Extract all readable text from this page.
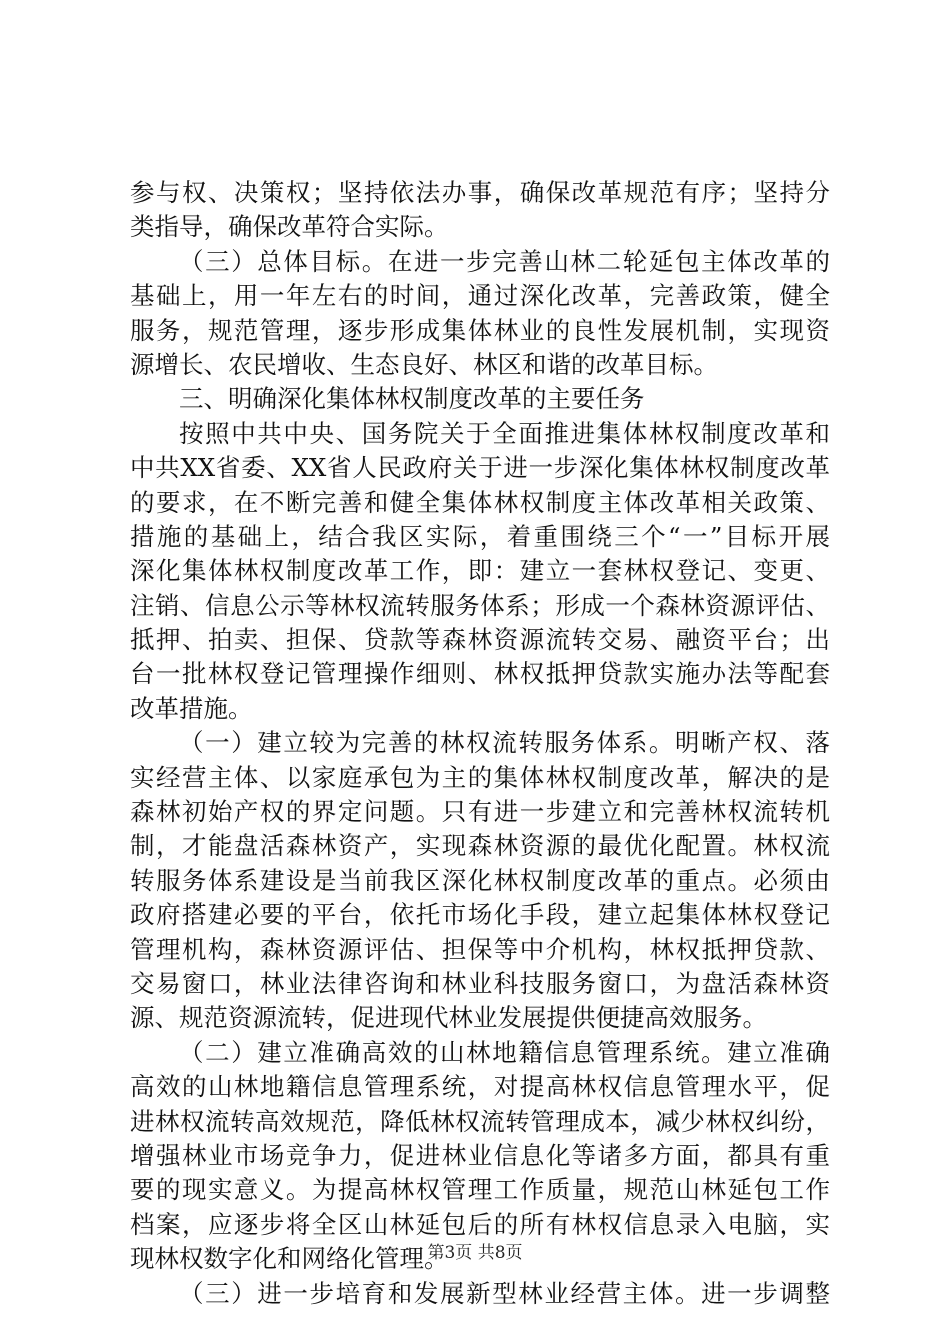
参与权、决策权；坚持依法办事，确保改革规范有序；坚持分
类指导，确保改革符合实际。
（三）总体目标。在进一步完善山林二轮延包主体改革的
基础上，用一年左右的时间，通过深化改革，完善政策，健全
服务，规范管理，逐步形成集体林业的良性发展机制，实现资
源增长、农民增收、生态良好、林区和谐的改革目标。
三、明确深化集体林权制度改革的主要任务
按照中共中央、国务院关于全面推进集体林权制度改革和
中共XX省委、XX省人民政府关于进一步深化集体林权制度改革
的要求，在不断完善和健全集体林权制度主体改革相关政策、
措施的基础上，结合我区实际，着重围绕三个“一”目标开展
深化集体林权制度改革工作，即：建立一套林权登记、变更、
注销、信息公示等林权流转服务体系；形成一个森林资源评估、
抵押、拍卖、担保、贷款等森林资源流转交易、融资平台；出
台一批林权登记管理操作细则、林权抵押贷款实施办法等配套
改革措施。
（一）建立较为完善的林权流转服务体系。明晰产权、落
实经营主体、以家庭承包为主的集体林权制度改革，解决的是
森林初始产权的界定问题。只有进一步建立和完善林权流转机
制，才能盘活森林资产，实现森林资源的最优化配置。林权流
转服务体系建设是当前我区深化林权制度改革的重点。必须由
政府搭建必要的平台，依托市场化手段，建立起集体林权登记
管理机构，森林资源评估、担保等中介机构，林权抵押贷款、
交易窗口，林业法律咨询和林业科技服务窗口，为盘活森林资
源、规范资源流转，促进现代林业发展提供便捷高效服务。
（二）建立准确高效的山林地籍信息管理系统。建立准确
高效的山林地籍信息管理系统，对提高林权信息管理水平，促
进林权流转高效规范，降低林权流转管理成本，减少林权纠纷，
增强林业市场竞争力，促进林业信息化等诸多方面，都具有重
要的现实意义。为提高林权管理工作质量，规范山林延包工作
档案，应逐步将全区山林延包后的所有林权信息录入电脑，实
现林权数字化和网络化管理。
（三）进一步培育和发展新型林业经营主体。进一步调整
第3页 共8页
